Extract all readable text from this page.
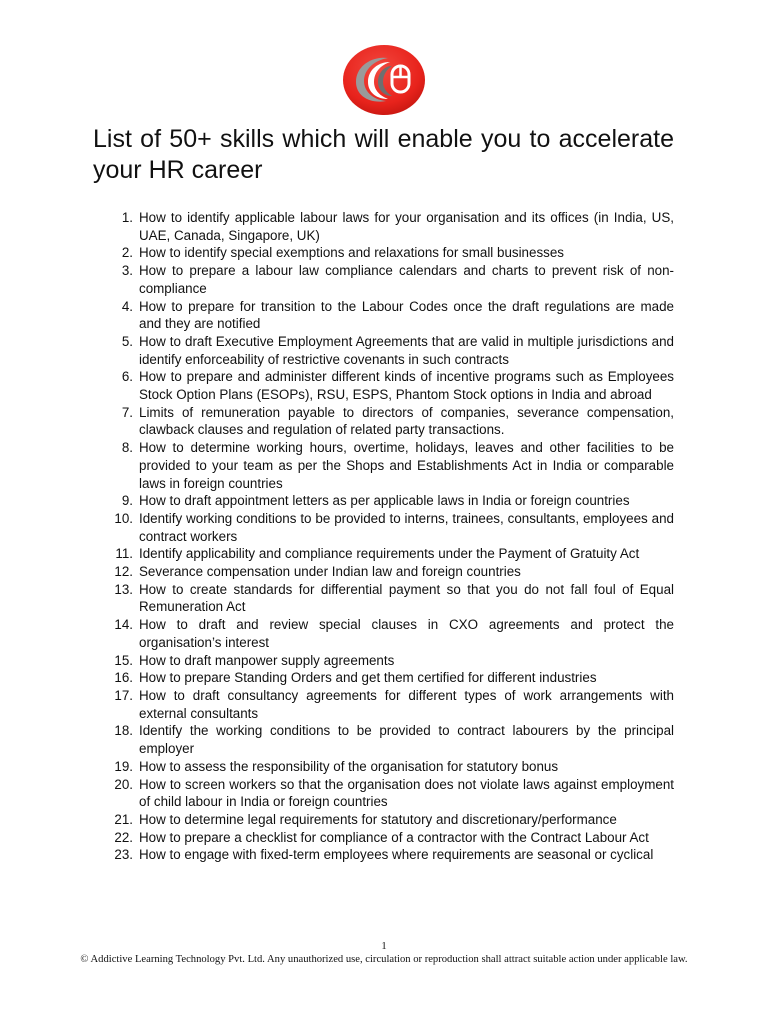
List of 50+ skills which will enable you to accelerate your HR career
1. How to identify applicable labour laws for your organisation and its offices (in India, US, UAE, Canada, Singapore, UK)
2. How to identify special exemptions and relaxations for small businesses
3. How to prepare a labour law compliance calendars and charts to prevent risk of non-compliance
4. How to prepare for transition to the Labour Codes once the draft regulations are made and they are notified
5. How to draft Executive Employment Agreements that are valid in multiple jurisdictions and identify enforceability of restrictive covenants in such contracts
6. How to prepare and administer different kinds of incentive programs such as Employees Stock Option Plans (ESOPs), RSU, ESPS, Phantom Stock options in India and abroad
7. Limits of remuneration payable to directors of companies, severance compensation, clawback clauses and regulation of related party transactions.
8. How to determine working hours, overtime, holidays, leaves and other facilities to be provided to your team as per the Shops and Establishments Act in India or comparable laws in foreign countries
9. How to draft appointment letters as per applicable laws in India or foreign countries
10. Identify working conditions to be provided to interns, trainees, consultants, employees and contract workers
11. Identify applicability and compliance requirements under the Payment of Gratuity Act
12. Severance compensation under Indian law and foreign countries
13. How to create standards for differential payment so that you do not fall foul of Equal Remuneration Act
14. How to draft and review special clauses in CXO agreements and protect the organisation’s interest
15. How to draft manpower supply agreements
16. How to prepare Standing Orders and get them certified for different industries
17. How to draft consultancy agreements for different types of work arrangements with external consultants
18. Identify the working conditions to be provided to contract labourers by the principal employer
19. How to assess the responsibility of the organisation for statutory bonus
20. How to screen workers so that the organisation does not violate laws against employment of child labour in India or foreign countries
21. How to determine legal requirements for statutory and discretionary/performance
22. How to prepare a checklist for compliance of a contractor with the Contract Labour Act
23. How to engage with fixed-term employees where requirements are seasonal or cyclical
1
© Addictive Learning Technology Pvt. Ltd. Any unauthorized use, circulation or reproduction shall attract suitable action under applicable law.
